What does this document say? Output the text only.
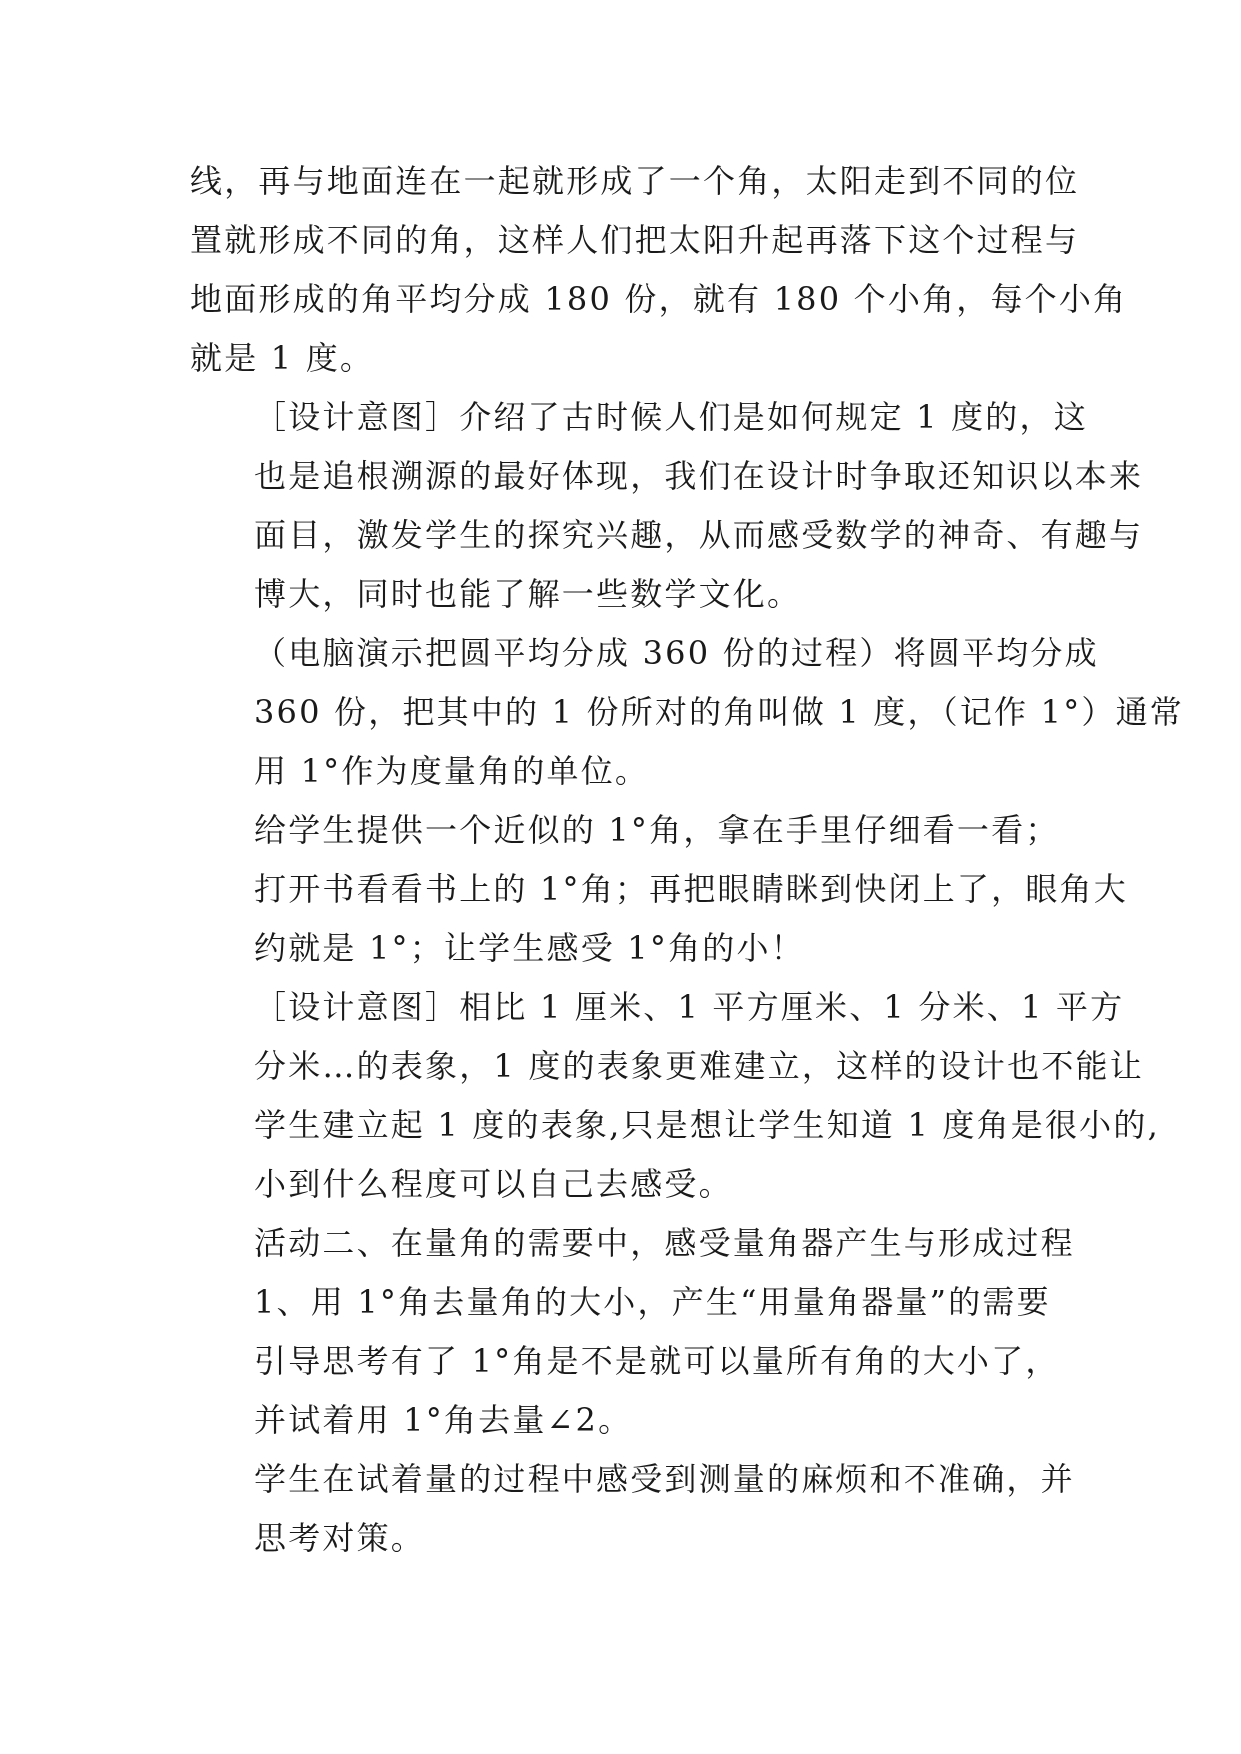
线，再与地面连在一起就形成了一个角，太阳走到不同的位
置就形成不同的角，这样人们把太阳升起再落下这个过程与
地面形成的角平均分成 180 份，就有 180 个小角，每个小角
就是 1 度。

［设计意图］介绍了古时候人们是如何规定 1 度的，这
也是追根溯源的最好体现，我们在设计时争取还知识以本来
面目，激发学生的探究兴趣，从而感受数学的神奇、有趣与
博大，同时也能了解一些数学文化。

（电脑演示把圆平均分成 360 份的过程）将圆平均分成
360 份，把其中的 1 份所对的角叫做 1 度，（记作 1°）通常
用 1°作为度量角的单位。

给学生提供一个近似的 1°角，拿在手里仔细看一看；
打开书看看书上的 1°角；再把眼睛眯到快闭上了，眼角大
约就是 1°；让学生感受 1°角的小！

［设计意图］相比 1 厘米、1 平方厘米、1 分米、1 平方
分米…的表象，1 度的表象更难建立，这样的设计也不能让
学生建立起 1 度的表象,只是想让学生知道 1 度角是很小的,
小到什么程度可以自己去感受。

活动二、在量角的需要中，感受量角器产生与形成过程

1、用 1°角去量角的大小，产生“用量角器量”的需要

引导思考有了 1°角是不是就可以量所有角的大小了，
并试着用 1°角去量∠2。

学生在试着量的过程中感受到测量的麻烦和不准确，并
思考对策。
